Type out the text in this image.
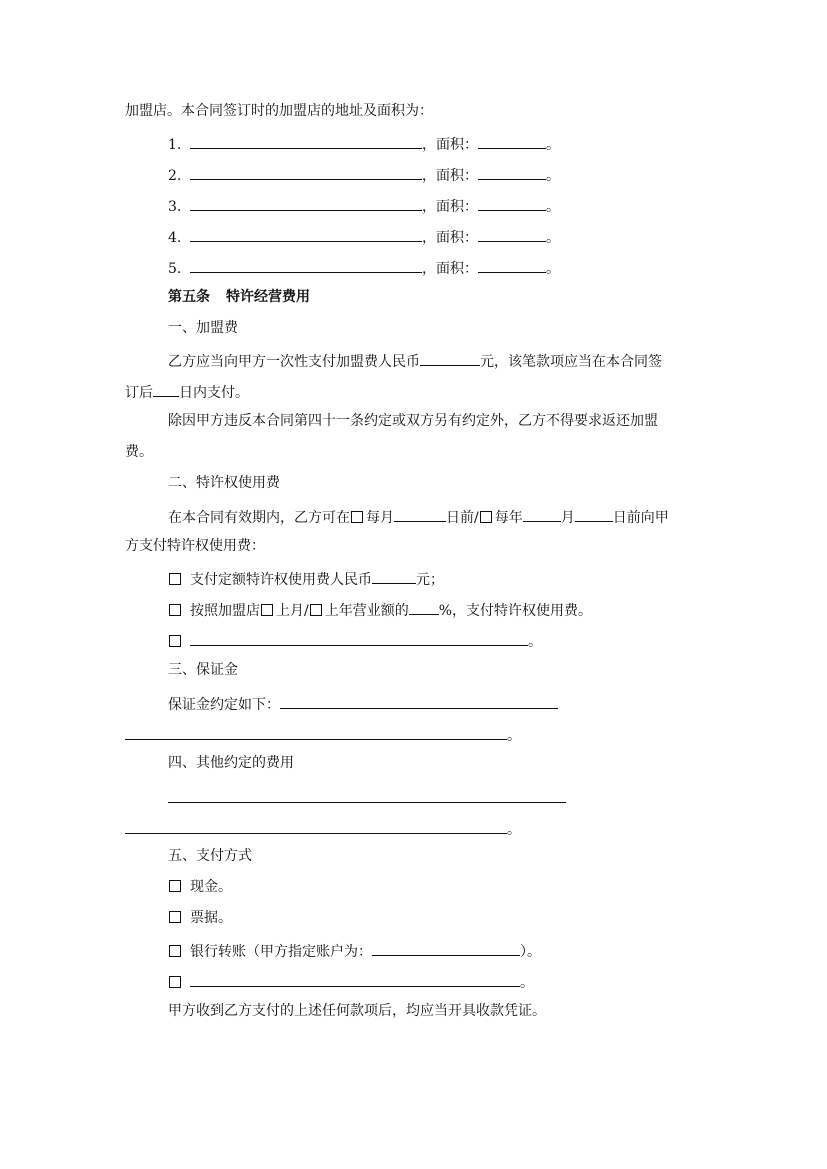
加盟店。本合同签订时的加盟店的地址及面积为：
1.	，面积：	。
2.	，面积：	。
3.	，面积：	。
4.	，面积：	。
5.	，面积：	。
第五条 特许经营费用
一、加盟费
乙方应当向甲方一次性支付加盟费人民币	元，该笔款项应当在本合同签
订后 日内支付。
除因甲方违反本合同第四十一条约定或双方另有约定外，乙方不得要求返还加盟
费。
二、特许权使用费
在本合同有效期内，乙方可在 每月	日前/ 每年	月	日前向甲
方支付特许权使用费：
支付定额特许权使用费人民币	元；
按照加盟店 上月/ 上年营业额的 %，支付特许权使用费。
。
三、保证金
保证金约定如下：
。
四、其他约定的费用
。
五、支付方式
现金。
票据。
银行转账（甲方指定账户为：	）。
。
甲方收到乙方支付的上述任何款项后，均应当开具收款凭证。
